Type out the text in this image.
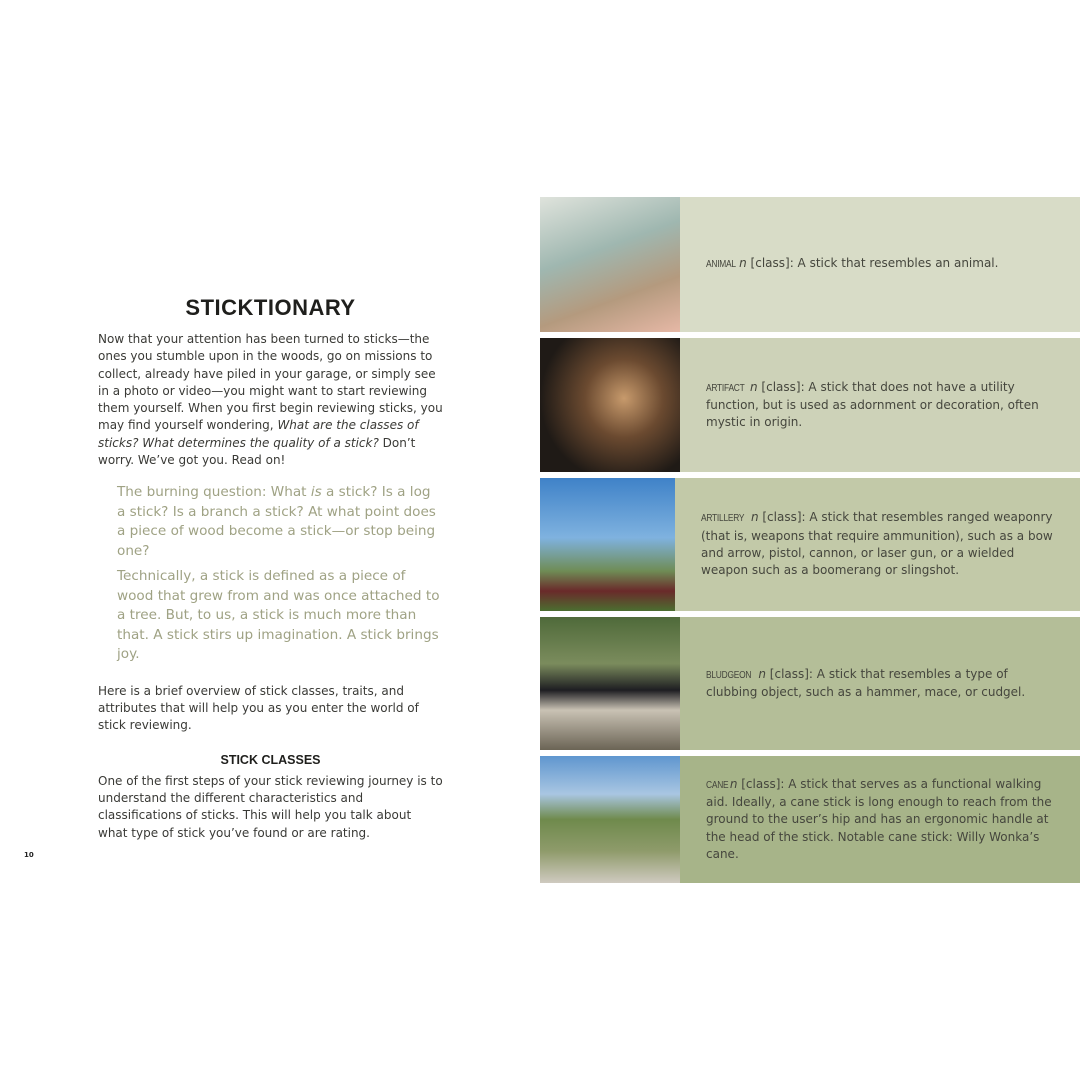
STICKTIONARY

Now that your attention has been turned to sticks—the ones you stumble upon in the woods, go on missions to collect, already have piled in your garage, or simply see in a photo or video—you might want to start reviewing them yourself. When you first begin reviewing sticks, you may find yourself wondering, What are the classes of sticks? What determines the quality of a stick? Don’t worry. We’ve got you. Read on!

The burning question: What is a stick? Is a log a stick? Is a branch a stick? At what point does a piece of wood become a stick—or stop being one?

Technically, a stick is defined as a piece of wood that grew from and was once attached to a tree. But, to us, a stick is much more than that. A stick stirs up imagination. A stick brings joy.

Here is a brief overview of stick classes, traits, and attributes that will help you as you enter the world of stick reviewing.

STICK CLASSES

One of the first steps of your stick reviewing journey is to understand the different characteristics and classifications of sticks. This will help you talk about what type of stick you’ve found or are rating.

10
ANIMAL n [class]: A stick that resembles an animal.
ARTIFACT n [class]: A stick that does not have a utility function, but is used as adornment or decoration, often mystic in origin.
ARTILLERY n [class]: A stick that resembles ranged weaponry (that is, weapons that require ammunition), such as a bow and arrow, pistol, cannon, or laser gun, or a wielded weapon such as a boomerang or slingshot.
BLUDGEON n [class]: A stick that resembles a type of clubbing object, such as a hammer, mace, or cudgel.
CANE n [class]: A stick that serves as a functional walking aid. Ideally, a cane stick is long enough to reach from the ground to the user’s hip and has an ergonomic handle at the head of the stick. Notable cane stick: Willy Wonka’s cane.
